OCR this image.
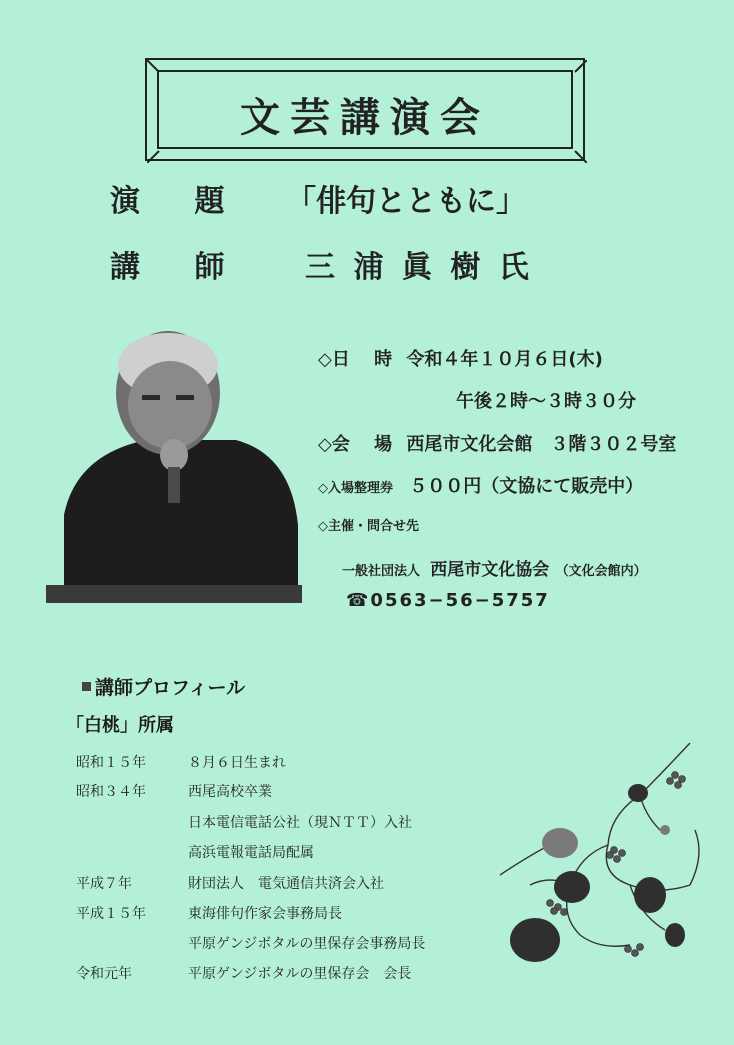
文芸講演会
演 題 「俳句とともに」
講 師 三 浦 眞 樹 氏
◇日　 時 令和４年１０月６日(木)
午後２時〜３時３０分
◇会　 場 西尾市文化会館　３階３０２号室
◇入場整理券 ５００円（文協にて販売中）
◇主催・問合せ先
一般社団法人 西尾市文化協会 （文化会館内）
☎0563−56−5757
講師プロフィール
「白桃」所属
昭和１５年	８月６日生まれ
昭和３４年	西尾高校卒業
日本電信電話公社（現ＮＴＴ）入社
高浜電報電話局配属
平成７年	財団法人　電気通信共済会入社
平成１５年	東海俳句作家会事務局長
平原ゲンジボタルの里保存会事務局長
令和元年	平原ゲンジボタルの里保存会　会長
